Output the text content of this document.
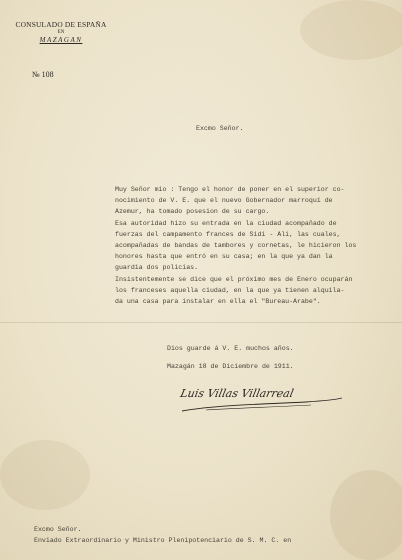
CONSULADO DE ESPAÑA
EN
MAZAGAN
№ 108
Excmo Señor.
Muy Señor mio : Tengo el honor de poner en el superior co-
nocimiento de V. E. que el nuevo Gobernador marroquí de
Azemur, ha tomado posesion de su cargo.
Esa autoridad hizo su entrada en la ciudad acompañado de
fuerzas del campamento frances de Sidi - Ali, las cuales,
acompañadas de bandas de tambores y cornetas, le hicieron los
honores hasta que entró en su casa; en la que ya dan la
guardia dos policias.
Insistentemente se dice que el próximo mes de Enero ocuparán
los franceses aquella ciudad, en la que ya tienen alquila-
da una casa para instalar en ella el "Bureau-Arabe".
Dios guarde á V. E. muchos años.
Mazagán 18 de Diciembre de 1911.
Luis Villas Villarreal
Excmo Señor.
Enviado Extraordinario y Ministro Plenipotenciario de S. M. C. en
